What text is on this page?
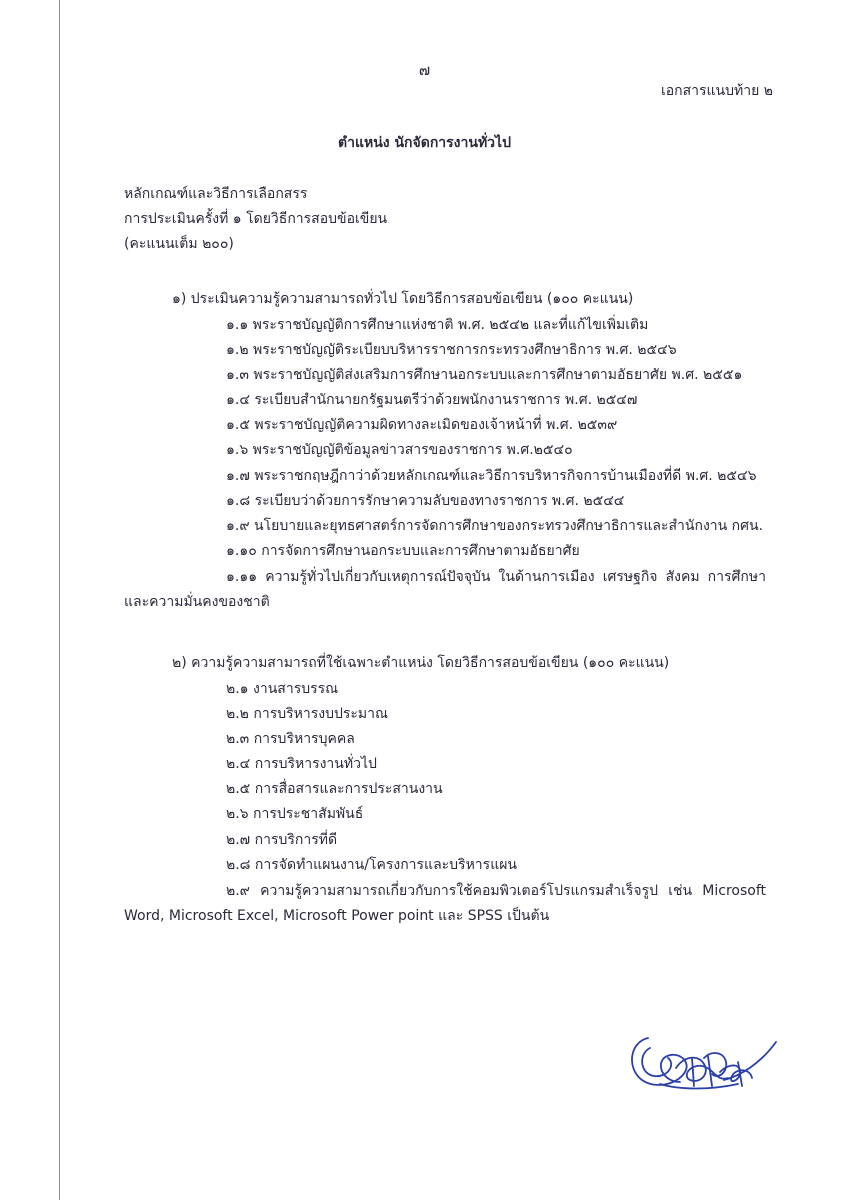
๗
เอกสารแนบท้าย ๒
ตำแหน่ง นักจัดการงานทั่วไป
หลักเกณฑ์และวิธีการเลือกสรร
การประเมินครั้งที่ ๑ โดยวิธีการสอบข้อเขียน
(คะแนนเต็ม ๒๐๐)
๑) ประเมินความรู้ความสามารถทั่วไป โดยวิธีการสอบข้อเขียน (๑๐๐ คะแนน)
๑.๑ พระราชบัญญัติการศึกษาแห่งชาติ พ.ศ. ๒๕๔๒ และที่แก้ไขเพิ่มเติม
๑.๒ พระราชบัญญัติระเบียบบริหารราชการกระทรวงศึกษาธิการ พ.ศ. ๒๕๔๖
๑.๓ พระราชบัญญัติส่งเสริมการศึกษานอกระบบและการศึกษาตามอัธยาศัย พ.ศ. ๒๕๕๑
๑.๔ ระเบียบสำนักนายกรัฐมนตรีว่าด้วยพนักงานราชการ พ.ศ. ๒๕๔๗
๑.๕ พระราชบัญญัติความผิดทางละเมิดของเจ้าหน้าที่ พ.ศ. ๒๕๓๙
๑.๖ พระราชบัญญัติข้อมูลข่าวสารของราชการ พ.ศ.๒๕๔๐
๑.๗ พระราชกฤษฎีกาว่าด้วยหลักเกณฑ์และวิธีการบริหารกิจการบ้านเมืองที่ดี พ.ศ. ๒๕๔๖
๑.๘ ระเบียบว่าด้วยการรักษาความลับของทางราชการ พ.ศ. ๒๕๔๔
๑.๙ นโยบายและยุทธศาสตร์การจัดการศึกษาของกระทรวงศึกษาธิการและสำนักงาน กศน.
๑.๑๐ การจัดการศึกษานอกระบบและการศึกษาตามอัธยาศัย
๑.๑๑ ความรู้ทั่วไปเกี่ยวกับเหตุการณ์ปัจจุบัน ในด้านการเมือง เศรษฐกิจ สังคม การศึกษา
และความมั่นคงของชาติ
๒) ความรู้ความสามารถที่ใช้เฉพาะตำแหน่ง โดยวิธีการสอบข้อเขียน (๑๐๐ คะแนน)
๒.๑ งานสารบรรณ
๒.๒ การบริหารงบประมาณ
๒.๓ การบริหารบุคคล
๒.๔ การบริหารงานทั่วไป
๒.๕ การสื่อสารและการประสานงาน
๒.๖ การประชาสัมพันธ์
๒.๗ การบริการที่ดี
๒.๘ การจัดทำแผนงาน/โครงการและบริหารแผน
๒.๙ ความรู้ความสามารถเกี่ยวกับการใช้คอมพิวเตอร์โปรแกรมสำเร็จรูป เช่น Microsoft
Word, Microsoft Excel, Microsoft Power point และ SPSS เป็นต้น
